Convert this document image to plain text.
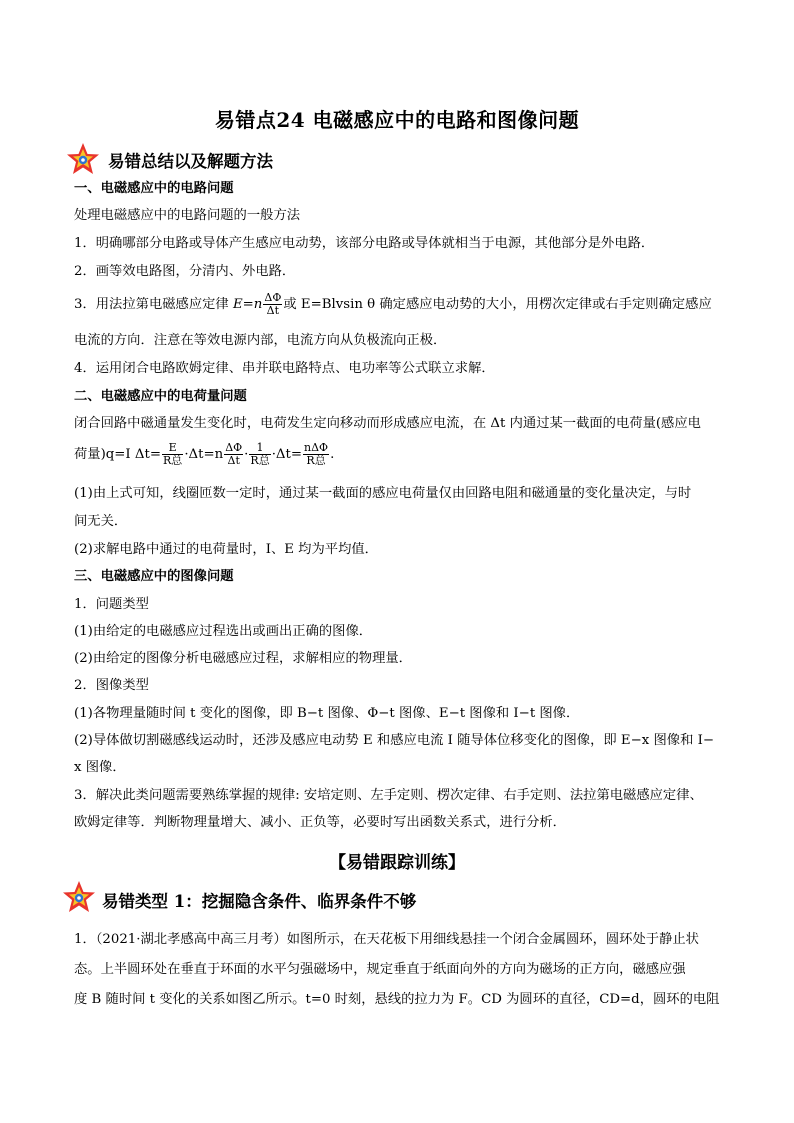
易错点24 电磁感应中的电路和图像问题
易错总结以及解题方法
一、电磁感应中的电路问题
处理电磁感应中的电路问题的一般方法
1．明确哪部分电路或导体产生感应电动势，该部分电路或导体就相当于电源，其他部分是外电路．
2．画等效电路图，分清内、外电路．
3．用法拉第电磁感应定律 $E=n \frac{\Delta\Phi}{\Delta t}$ 或 E=Blvsin θ 确定感应电动势的大小，用楞次定律或右手定则确定感应
电流的方向．注意在等效电源内部，电流方向从负极流向正极．
4．运用闭合电路欧姆定律、串并联电路特点、电功率等公式联立求解．
二、电磁感应中的电荷量问题
闭合回路中磁通量发生变化时，电荷发生定向移动而形成感应电流，在 Δt 内通过某一截面的电荷量(感应电
荷量)q=I $\Delta t= \frac{E}{\text{R总}} \cdot\Delta t=n \frac{\Delta\Phi}{\Delta t} \cdot \frac{1}{\text{R总}} \cdot\Delta t= \frac{\text{nΔΦ}}{\text{R总}}$ .
(1)由上式可知，线圈匝数一定时，通过某一截面的感应电荷量仅由回路电阻和磁通量的变化量决定，与时
间无关．
(2)求解电路中通过的电荷量时，I、E 均为平均值．
三、电磁感应中的图像问题
1．问题类型
(1)由给定的电磁感应过程选出或画出正确的图像．
(2)由给定的图像分析电磁感应过程，求解相应的物理量．
2．图像类型
(1)各物理量随时间 t 变化的图像，即 B−t 图像、Φ−t 图像、E−t 图像和 I−t 图像．
(2)导体做切割磁感线运动时，还涉及感应电动势 E 和感应电流 I 随导体位移变化的图像，即 E−x 图像和 I−
x 图像．
3．解决此类问题需要熟练掌握的规律: 安培定则、左手定则、楞次定律、右手定则、法拉第电磁感应定律、
欧姆定律等．判断物理量增大、减小、正负等，必要时写出函数关系式，进行分析．
【易错跟踪训练】
易错类型 1：挖掘隐含条件、临界条件不够
1．（2021·湖北孝感高中高三月考）如图所示，在天花板下用细线悬挂一个闭合金属圆环，圆环处于静止状
态。上半圆环处在垂直于环面的水平匀强磁场中，规定垂直于纸面向外的方向为磁场的正方向，磁感应强
度 B 随时间 t 变化的关系如图乙所示。t=0 时刻，悬线的拉力为 F。CD 为圆环的直径，CD=d，圆环的电阻
